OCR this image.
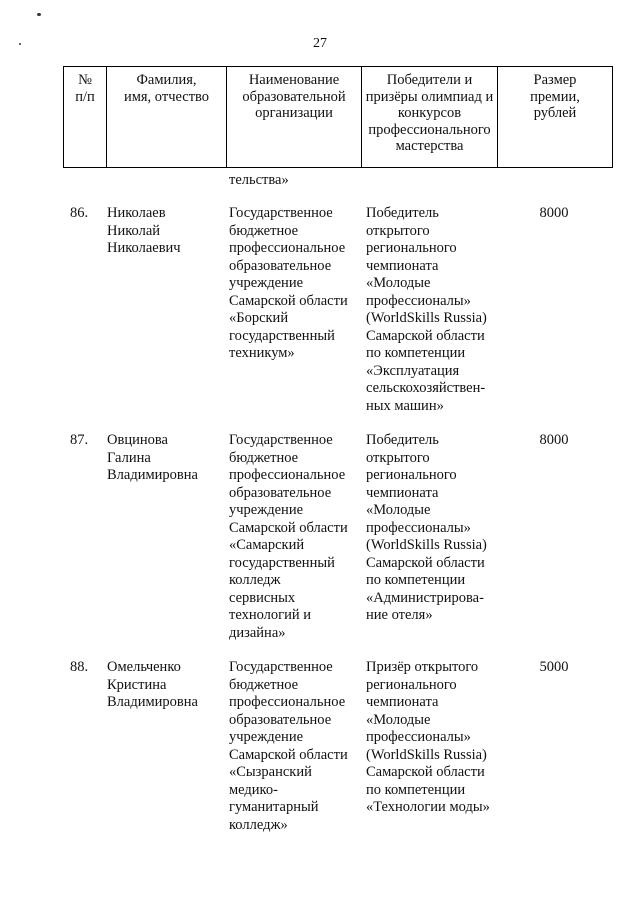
27
№
п/п
Фамилия,
имя, отчество
Наименование
образовательной
организации
Победители и
призёры олимпиад и
конкурсов
профессионального
мастерства
Размер
премии,
рублей
тельства»
86. Николаев
Николай
Николаевич
Государственное
бюджетное
профессиональное
образовательное
учреждение
Самарской области
«Борский
государственный
техникум»
Победитель
открытого
регионального
чемпионата
«Молодые
профессионалы»
(WorldSkills Russia)
Самарской области
по компетенции
«Эксплуатация
сельскохозяйствен-
ных машин»
8000
87. Овцинова
Галина
Владимировна
Государственное
бюджетное
профессиональное
образовательное
учреждение
Самарской области
«Самарский
государственный
колледж
сервисных
технологий и
дизайна»
Победитель
открытого
регионального
чемпионата
«Молодые
профессионалы»
(WorldSkills Russia)
Самарской области
по компетенции
«Администрирова-
ние отеля»
8000
88. Омельченко
Кристина
Владимировна
Государственное
бюджетное
профессиональное
образовательное
учреждение
Самарской области
«Сызранский
медико-
гуманитарный
колледж»
Призёр открытого
регионального
чемпионата
«Молодые
профессионалы»
(WorldSkills Russia)
Самарской области
по компетенции
«Технологии моды»
5000
